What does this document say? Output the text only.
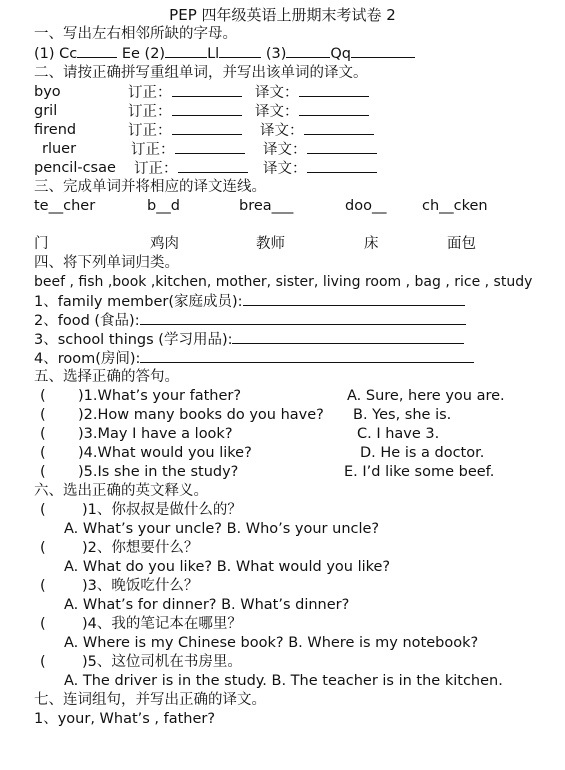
PEP 四年级英语上册期末考试卷 2
一、写出左右相邻所缺的字母。
(1) Cc	Ee (2)	Ll	(3)	Qq
二、请按正确拼写重组单词，并写出该单词的译文。
byo	订正：	译文：
gril	订正：	译文：
firend	订正：	译文：
rluer	订正：	译文：
pencil-csae 订正：	译文：
三、完成单词并将相应的译文连线。
te__cher	b__d	brea___	doo__ ch__cken
门	鸡肉	教师	床	面包
四、将下列单词归类。
beef , fish ,book ,kitchen, mother, sister, living room , bag , rice , study
1、family member(家庭成员):
2、food (食品):
3、school things (学习用品):
4、room(房间):
五、选择正确的答句。
( )1.What’s your father?	A. Sure, here you are.
( )2.How many books do you have? B. Yes, she is.
( )3.May I have a look?	C. I have 3.
( )4.What would you like?	D. He is a doctor.
( )5.Is she in the study?	E. I’d like some beef.
六、选出正确的英文释义。
(	)1、你叔叔是做什么的？
A. What’s your uncle? B. Who’s your uncle?
(	)2、你想要什么？
A. What do you like? B. What would you like?
(	)3、晚饭吃什么？
A. What’s for dinner? B. What’s dinner?
(	)4、我的笔记本在哪里？
A. Where is my Chinese book? B. Where is my notebook?
(	)5、这位司机在书房里。
A. The driver is in the study. B. The teacher is in the kitchen.
七、连词组句，并写出正确的译文。
1、your, What’s , father?
